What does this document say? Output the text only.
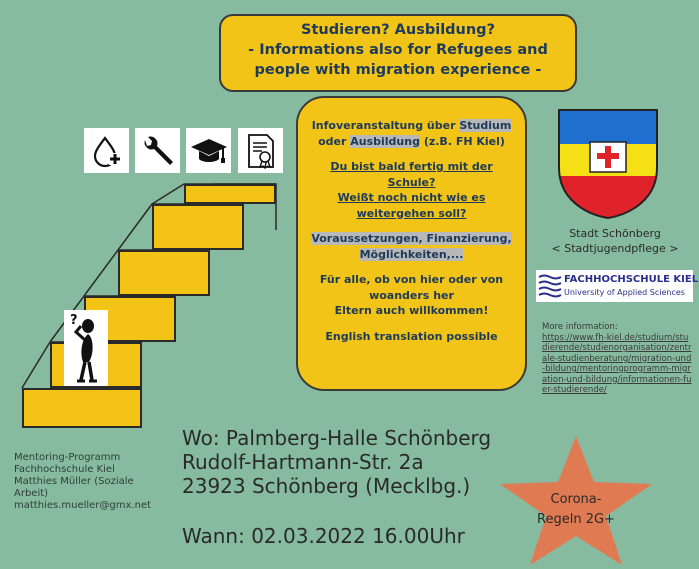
Studieren? Ausbildung?
- Informations also for Refugees and
people with migration experience -
?

Infoveranstaltung über Studium
oder Ausbildung (z.B. FH Kiel)

Du bist bald fertig mit der
Schule?
Weißt noch nicht wie es
weitergehen soll?

Voraussetzungen, Finanzierung,
Möglichkeiten,...

Für alle, ob von hier oder von
woanders her
Eltern auch willkommen!

English translation possible

Stadt Schönberg
< Stadtjugendpflege >
FACHHOCHSCHULE KIEL
University of Applied Sciences
More information:
https://www.fh-kiel.de/studium/studierende/studienorganisation/zentrale-studienberatung/migration-und-bildung/mentoringprogramm-migration-und-bildung/informationen-fuer-studierende/
Mentoring-Programm
Fachhochschule Kiel
Matthies Müller (Soziale Arbeit)
matthies.mueller@gmx.net
Wo: Palmberg-Halle Schönberg
Rudolf-Hartmann-Str. 2a
23923 Schönberg (Mecklbg.)
Wann: 02.03.2022 16.00Uhr
Corona-
Regeln 2G+
